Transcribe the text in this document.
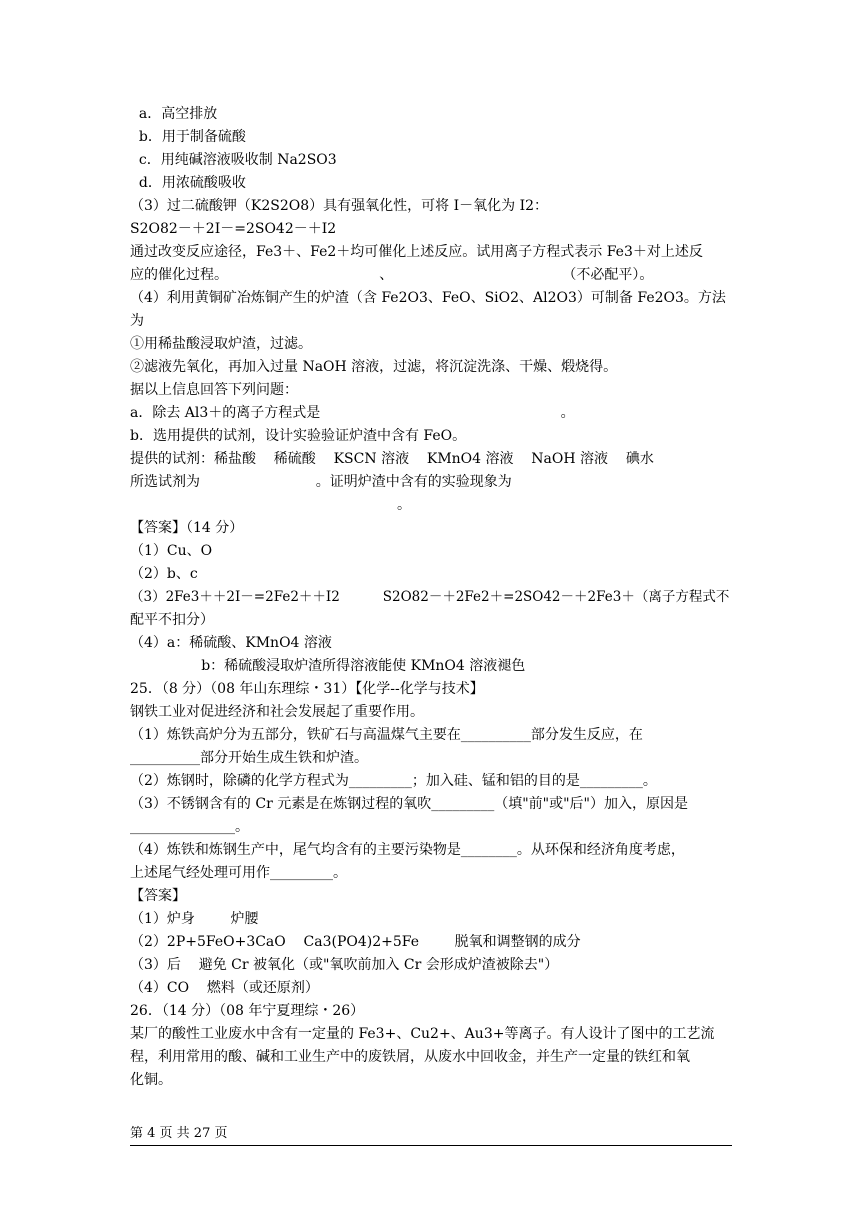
a．高空排放
b．用于制备硫酸
c．用纯碱溶液吸收制 Na2SO3
d．用浓硫酸吸收
（3）过二硫酸钾（K2S2O8）具有强氧化性，可将 I－氧化为 I2：
S2O82－＋2I－=2SO42－＋I2
通过改变反应途径，Fe3＋、Fe2＋均可催化上述反应。试用离子方程式表示 Fe3＋对上述反
应的催化过程。                                  、                                      （不必配平）。
（4）利用黄铜矿冶炼铜产生的炉渣（含 Fe2O3、FeO、SiO2、Al2O3）可制备 Fe2O3。方法
为
①用稀盐酸浸取炉渣，过滤。
②滤液先氧化，再加入过量 NaOH 溶液，过滤，将沉淀洗涤、干燥、煅烧得。
据以上信息回答下列问题：
a．除去 Al3＋的离子方程式是                                                      。
b．选用提供的试剂，设计实验验证炉渣中含有 FeO。
提供的试剂：稀盐酸    稀硫酸    KSCN 溶液    KMnO4 溶液    NaOH 溶液    碘水
所选试剂为                          。证明炉渣中含有的实验现象为
。
【答案】（14 分）
（1）Cu、O
（2）b、c
（3）2Fe3＋＋2I－=2Fe2＋＋I2          S2O82－＋2Fe2＋=2SO42－＋2Fe3＋（离子方程式不
配平不扣分）
（4）a：稀硫酸、KMnO4 溶液
b：稀硫酸浸取炉渣所得溶液能使 KMnO4 溶液褪色
25．（8 分）（08 年山东理综・31）【化学--化学与技术】
钢铁工业对促进经济和社会发展起了重要作用。
（1）炼铁高炉分为五部分，铁矿石与高温煤气主要在__________部分发生反应，在
__________部分开始生成生铁和炉渣。
（2）炼钢时，除磷的化学方程式为_________；加入硅、锰和铝的目的是_________。
（3）不锈钢含有的 Cr 元素是在炼钢过程的氧吹_________（填"前"或"后"）加入，原因是
_______________。
（4）炼铁和炼钢生产中，尾气均含有的主要污染物是________。从环保和经济角度考虑，
上述尾气经处理可用作_________。
【答案】
（1）炉身        炉腰
（2）2P+5FeO+3CaO    Ca3(PO4)2+5Fe        脱氧和调整钢的成分
（3）后    避免 Cr 被氧化（或"氧吹前加入 Cr 会形成炉渣被除去"）
（4）CO    燃料（或还原剂）
26．（14 分）（08 年宁夏理综・26）
某厂的酸性工业废水中含有一定量的 Fe3+、Cu2+、Au3+等离子。有人设计了图中的工艺流
程，利用常用的酸、碱和工业生产中的废铁屑，从废水中回收金，并生产一定量的铁红和氧
化铜。
第 4 页 共 27 页
